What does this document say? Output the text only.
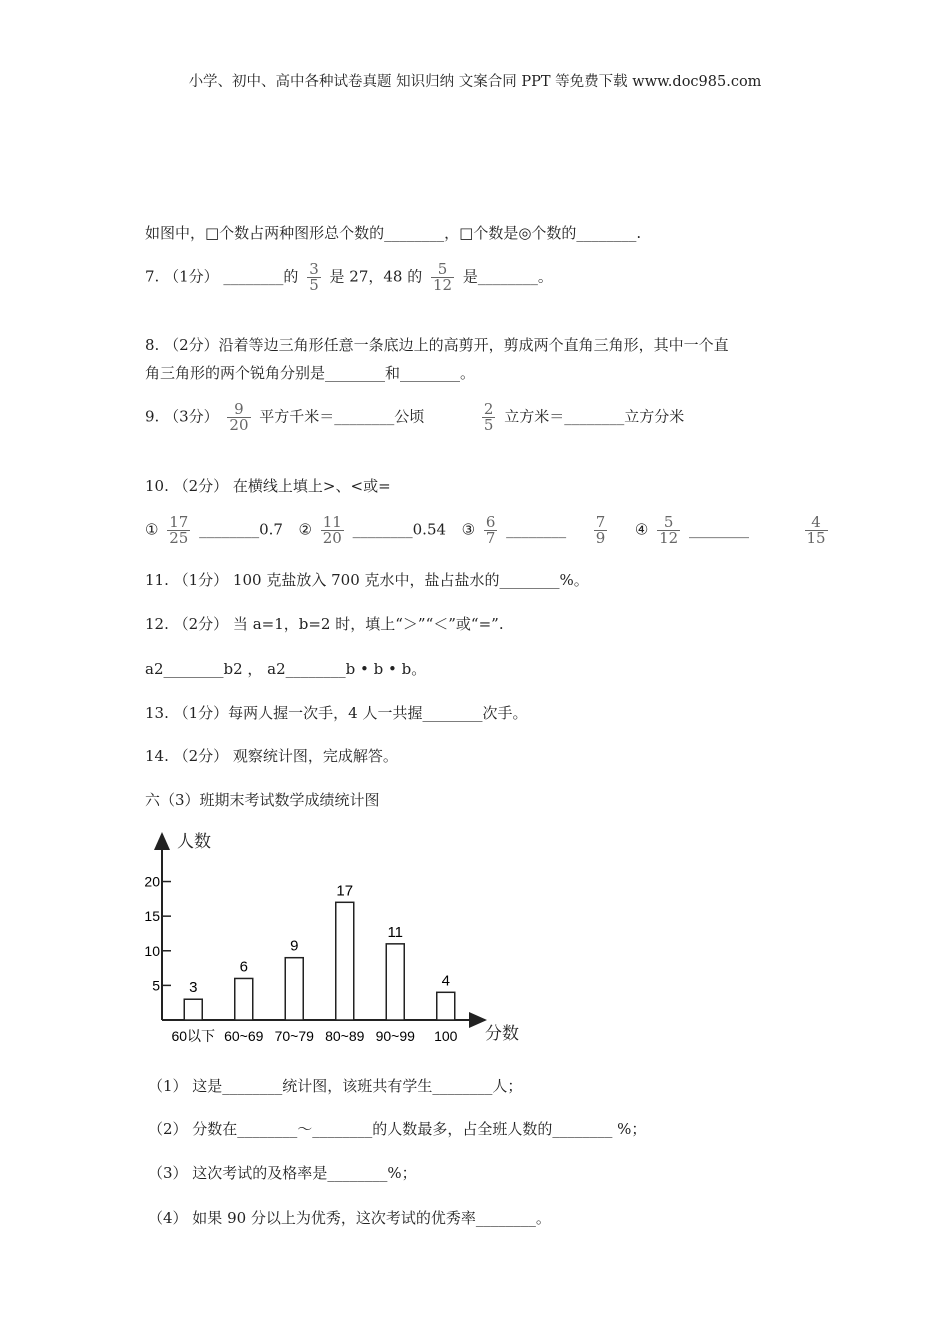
小学、初中、高中各种试卷真题 知识归纳 文案合同 PPT 等免费下载 www.doc985.com
如图中，□个数占两种图形总个数的________，□个数是◎个数的________.
7. （1分） ________的 $\frac{3}{5}$ 是 27，48 的 $\frac{5}{12}$ 是________。
8. （2分）沿着等边三角形任意一条底边上的高剪开，剪成两个直角三角形，其中一个直
角三角形的两个锐角分别是________和________。
9. （3分） $\frac{9}{20}$ 平方千米＝________公顷	$\frac{2}{5}$ 立方米＝________立方分米
10. （2分） 在横线上填上>、<或=
① $\frac{17}{25}$ ________0.7 ② $\frac{11}{20}$ ________0.54 ③ $\frac{6}{7}$ ________ $\frac{7}{9}$ ④ $\frac{5}{12}$ ________	$\frac{4}{15}$
11. （1分） 100 克盐放入 700 克水中，盐占盐水的________%。
12. （2分） 当 a=1，b=2 时，填上“＞”“＜”或“=”.
a2________b2 ， a2________b • b • b。
13. （1分）每两人握一次手，4 人一共握________次手。
14. （2分） 观察统计图，完成解答。
六（3）班期末考试数学成绩统计图
人数
分数
5
10
15
20
3
60以下
6
60~69
9
70~79
17
80~89
11
90~99
4
100
（1） 这是________统计图，该班共有学生________人；
（2） 分数在________～________的人数最多，占全班人数的________ %；
（3） 这次考试的及格率是________%；
（4） 如果 90 分以上为优秀，这次考试的优秀率________。
